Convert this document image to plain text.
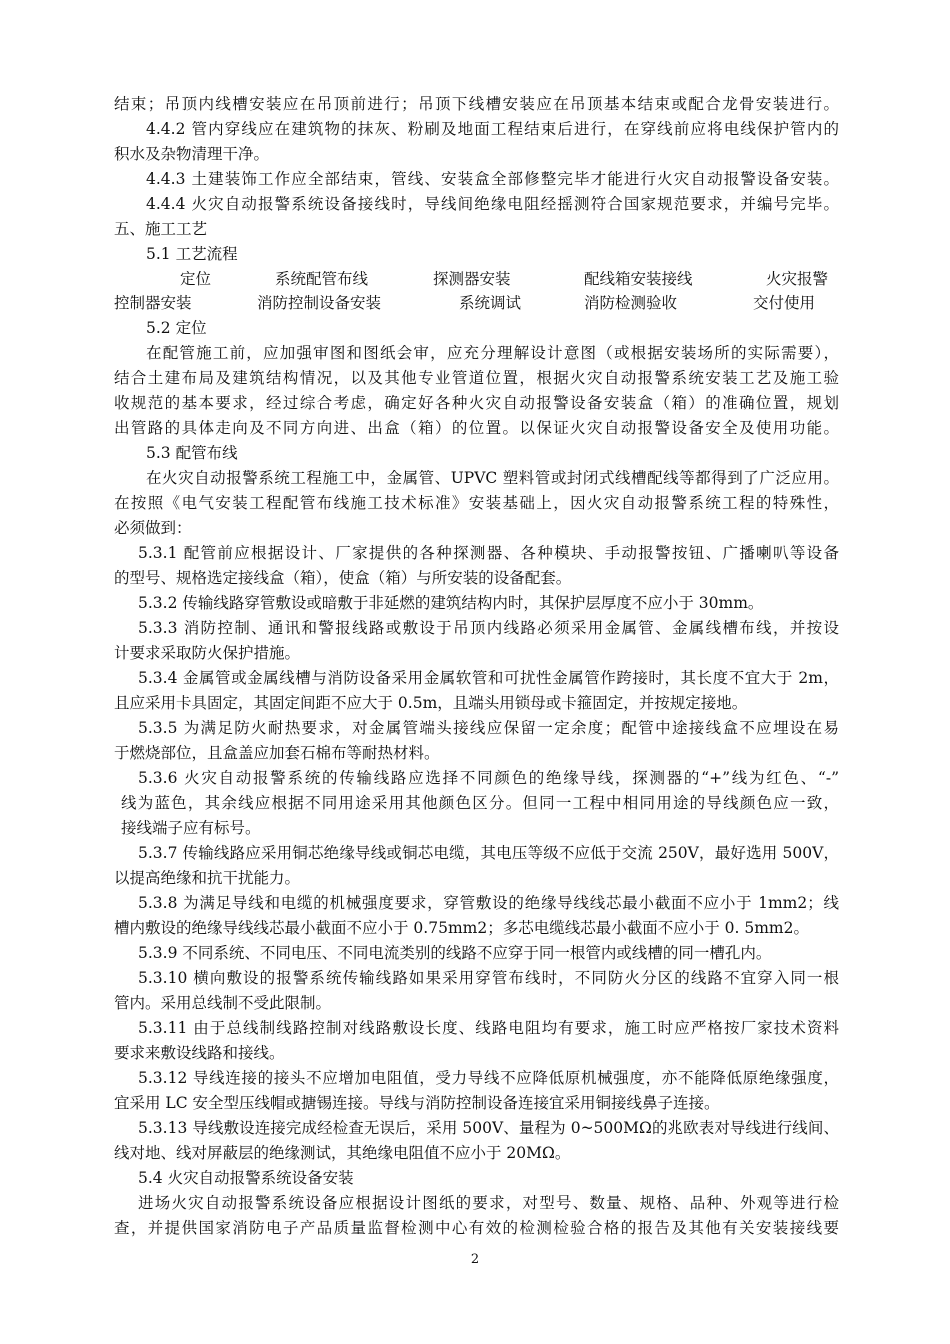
结束；吊顶内线槽安装应在吊顶前进行；吊顶下线槽安装应在吊顶基本结束或配合龙骨安装进行。
4.4.2 管内穿线应在建筑物的抹灰、粉刷及地面工程结束后进行，在穿线前应将电线保护管内的
积水及杂物清理干净。
4.4.3 土建装饰工作应全部结束，管线、安装盒全部修整完毕才能进行火灾自动报警设备安装。
4.4.4 火灾自动报警系统设备接线时，导线间绝缘电阻经摇测符合国家规范要求，并编号完毕。
五、施工工艺
5.1 工艺流程
定位	系统配管布线	探测器安装	配线箱安装接线	火灾报警
控制器安装	消防控制设备安装	系统调试	消防检测验收	交付使用
5.2 定位
在配管施工前，应加强审图和图纸会审，应充分理解设计意图（或根据安装场所的实际需要），
结合土建布局及建筑结构情况，以及其他专业管道位置，根据火灾自动报警系统安装工艺及施工验
收规范的基本要求，经过综合考虑，确定好各种火灾自动报警设备安装盒（箱）的准确位置，规划
出管路的具体走向及不同方向进、出盒（箱）的位置。以保证火灾自动报警设备安全及使用功能。
5.3 配管布线
在火灾自动报警系统工程施工中，金属管、UPVC 塑料管或封闭式线槽配线等都得到了广泛应用。
在按照《电气安装工程配管布线施工技术标准》安装基础上，因火灾自动报警系统工程的特殊性，
必须做到：
5.3.1 配管前应根据设计、厂家提供的各种探测器、各种模块、手动报警按钮、广播喇叭等设备
的型号、规格选定接线盒（箱），使盒（箱）与所安装的设备配套。
5.3.2 传输线路穿管敷设或暗敷于非延燃的建筑结构内时，其保护层厚度不应小于 30mm。
5.3.3 消防控制、通讯和警报线路或敷设于吊顶内线路必须采用金属管、金属线槽布线，并按设
计要求采取防火保护措施。
5.3.4 金属管或金属线槽与消防设备采用金属软管和可扰性金属管作跨接时，其长度不宜大于 2m，
且应采用卡具固定，其固定间距不应大于 0.5m，且端头用锁母或卡箍固定，并按规定接地。
5.3.5 为满足防火耐热要求，对金属管端头接线应保留一定余度；配管中途接线盒不应埋设在易
于燃烧部位，且盒盖应加套石棉布等耐热材料。
5.3.6 火灾自动报警系统的传输线路应选择不同颜色的绝缘导线，探测器的“+”线为红色、“-”
线为蓝色，其余线应根据不同用途采用其他颜色区分。但同一工程中相同用途的导线颜色应一致，
接线端子应有标号。
5.3.7 传输线路应采用铜芯绝缘导线或铜芯电缆，其电压等级不应低于交流 250V，最好选用 500V，
以提高绝缘和抗干扰能力。
5.3.8 为满足导线和电缆的机械强度要求，穿管敷设的绝缘导线线芯最小截面不应小于 1mm2；线
槽内敷设的绝缘导线线芯最小截面不应小于 0.75mm2；多芯电缆线芯最小截面不应小于 0. 5mm2。
5.3.9 不同系统、不同电压、不同电流类别的线路不应穿于同一根管内或线槽的同一槽孔内。
5.3.10 横向敷设的报警系统传输线路如果采用穿管布线时，不同防火分区的线路不宜穿入同一根
管内。采用总线制不受此限制。
5.3.11 由于总线制线路控制对线路敷设长度、线路电阻均有要求，施工时应严格按厂家技术资料
要求来敷设线路和接线。
5.3.12 导线连接的接头不应增加电阻值，受力导线不应降低原机械强度，亦不能降低原绝缘强度，
宜采用 LC 安全型压线帽或搪锡连接。导线与消防控制设备连接宜采用铜接线鼻子连接。
5.3.13 导线敷设连接完成经检查无误后，采用 500V、量程为 0~500MΩ的兆欧表对导线进行线间、
线对地、线对屏蔽层的绝缘测试，其绝缘电阻值不应小于 20MΩ。
5.4 火灾自动报警系统设备安装
进场火灾自动报警系统设备应根据设计图纸的要求，对型号、数量、规格、品种、外观等进行检
查，并提供国家消防电子产品质量监督检测中心有效的检测检验合格的报告及其他有关安装接线要
2
